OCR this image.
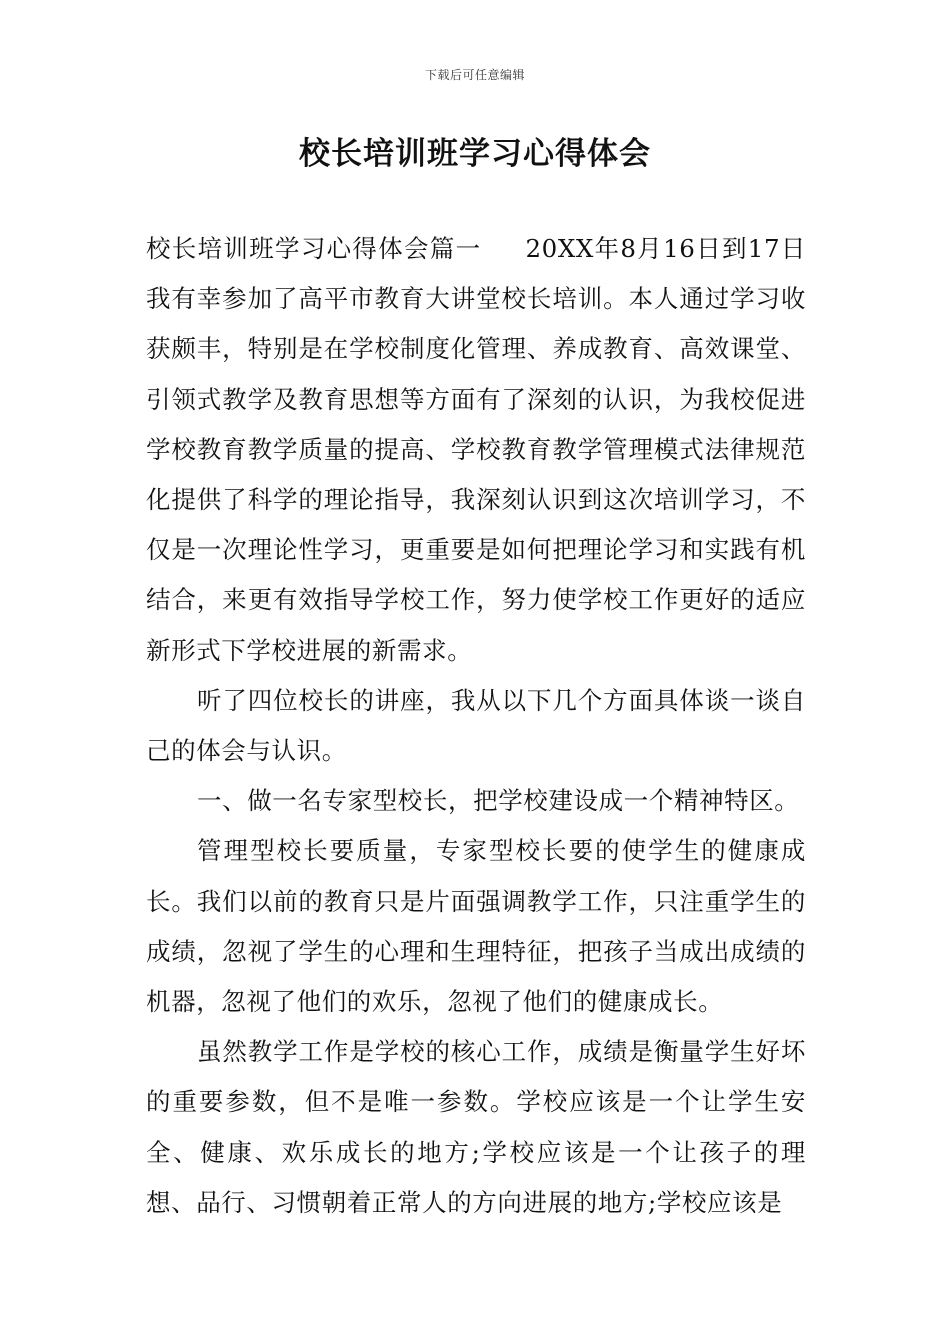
下载后可任意编辑
校长培训班学习心得体会

校长培训班学习心得体会篇一 20XX年8月16日到17日我有幸参加了高平市教育大讲堂校长培训。本人通过学习收获颇丰，特别是在学校制度化管理、养成教育、高效课堂、引领式教学及教育思想等方面有了深刻的认识，为我校促进学校教育教学质量的提高、学校教育教学管理模式法律规范化提供了科学的理论指导，我深刻认识到这次培训学习，不仅是一次理论性学习，更重要是如何把理论学习和实践有机结合，来更有效指导学校工作，努力使学校工作更好的适应新形式下学校进展的新需求。

听了四位校长的讲座，我从以下几个方面具体谈一谈自己的体会与认识。

一、做一名专家型校长，把学校建设成一个精神特区。

管理型校长要质量，专家型校长要的使学生的健康成长。我们以前的教育只是片面强调教学工作，只注重学生的成绩，忽视了学生的心理和生理特征，把孩子当成出成绩的机器，忽视了他们的欢乐，忽视了他们的健康成长。

虽然教学工作是学校的核心工作，成绩是衡量学生好坏的重要参数，但不是唯一参数。学校应该是一个让学生安全、健康、欢乐成长的地方;学校应该是一个让孩子的理想、品行、习惯朝着正常人的方向进展的地方;学校应该是
